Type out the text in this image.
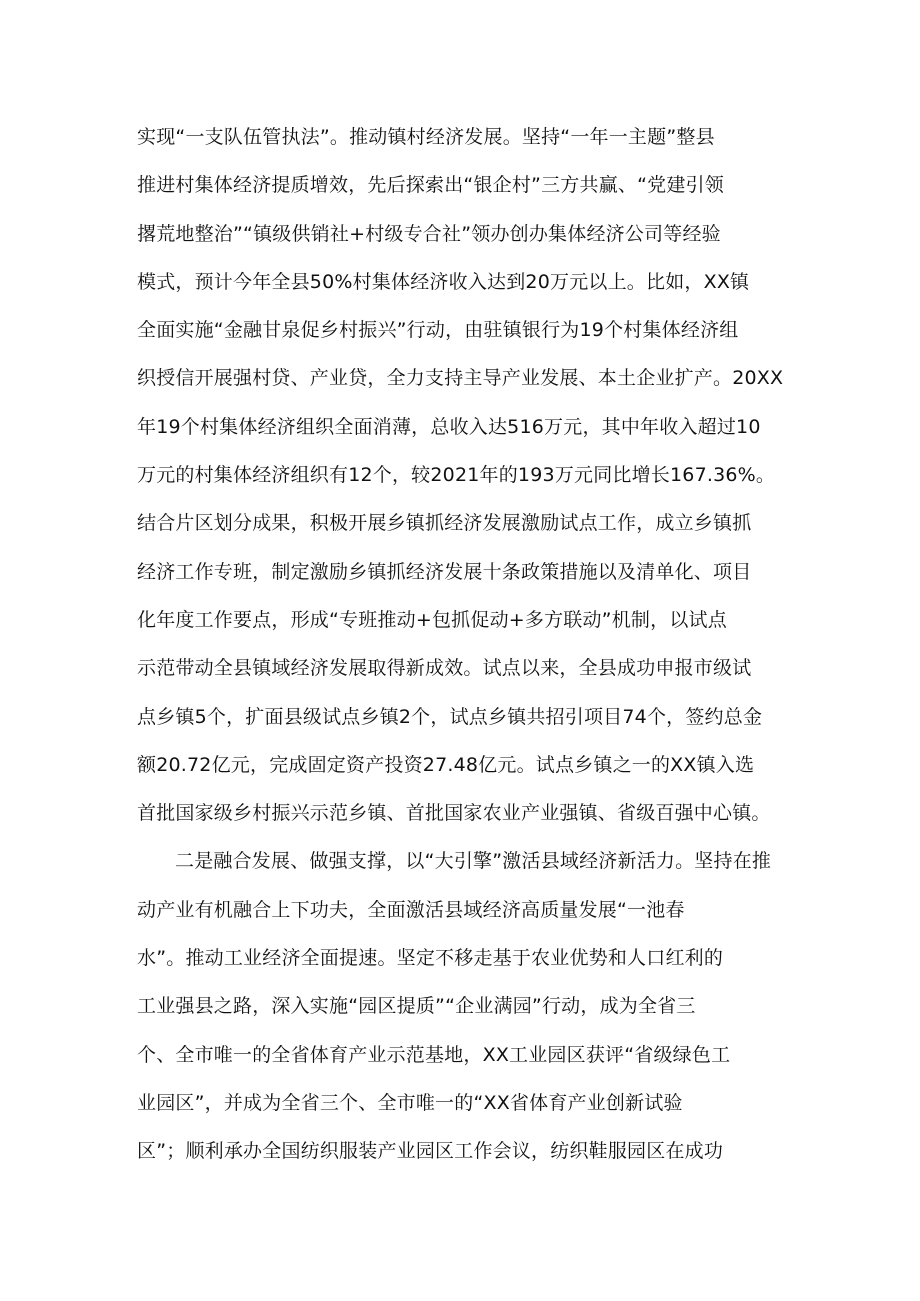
实现“一支队伍管执法”。推动镇村经济发展。坚持“一年一主题”整县
推进村集体经济提质增效，先后探索出“银企村”三方共赢、“党建引领
撂荒地整治”“镇级供销社+村级专合社”领办创办集体经济公司等经验
模式，预计今年全县50%村集体经济收入达到20万元以上。比如，XX镇
全面实施“金融甘泉促乡村振兴”行动，由驻镇银行为19个村集体经济组
织授信开展强村贷、产业贷，全力支持主导产业发展、本土企业扩产。20XX
年19个村集体经济组织全面消薄，总收入达516万元，其中年收入超过10
万元的村集体经济组织有12个，较2021年的193万元同比增长167.36%。
结合片区划分成果，积极开展乡镇抓经济发展激励试点工作，成立乡镇抓
经济工作专班，制定激励乡镇抓经济发展十条政策措施以及清单化、项目
化年度工作要点，形成“专班推动+包抓促动+多方联动”机制，以试点
示范带动全县镇域经济发展取得新成效。试点以来，全县成功申报市级试
点乡镇5个，扩面县级试点乡镇2个，试点乡镇共招引项目74个，签约总金
额20.72亿元，完成固定资产投资27.48亿元。试点乡镇之一的XX镇入选
首批国家级乡村振兴示范乡镇、首批国家农业产业强镇、省级百强中心镇。
二是融合发展、做强支撑，以“大引擎”激活县域经济新活力。坚持在推
动产业有机融合上下功夫，全面激活县域经济高质量发展“一池春
水”。推动工业经济全面提速。坚定不移走基于农业优势和人口红利的
工业强县之路，深入实施“园区提质”“企业满园”行动，成为全省三
个、全市唯一的全省体育产业示范基地，XX工业园区获评“省级绿色工
业园区”，并成为全省三个、全市唯一的“XX省体育产业创新试验
区”；顺利承办全国纺织服装产业园区工作会议，纺织鞋服园区在成功
